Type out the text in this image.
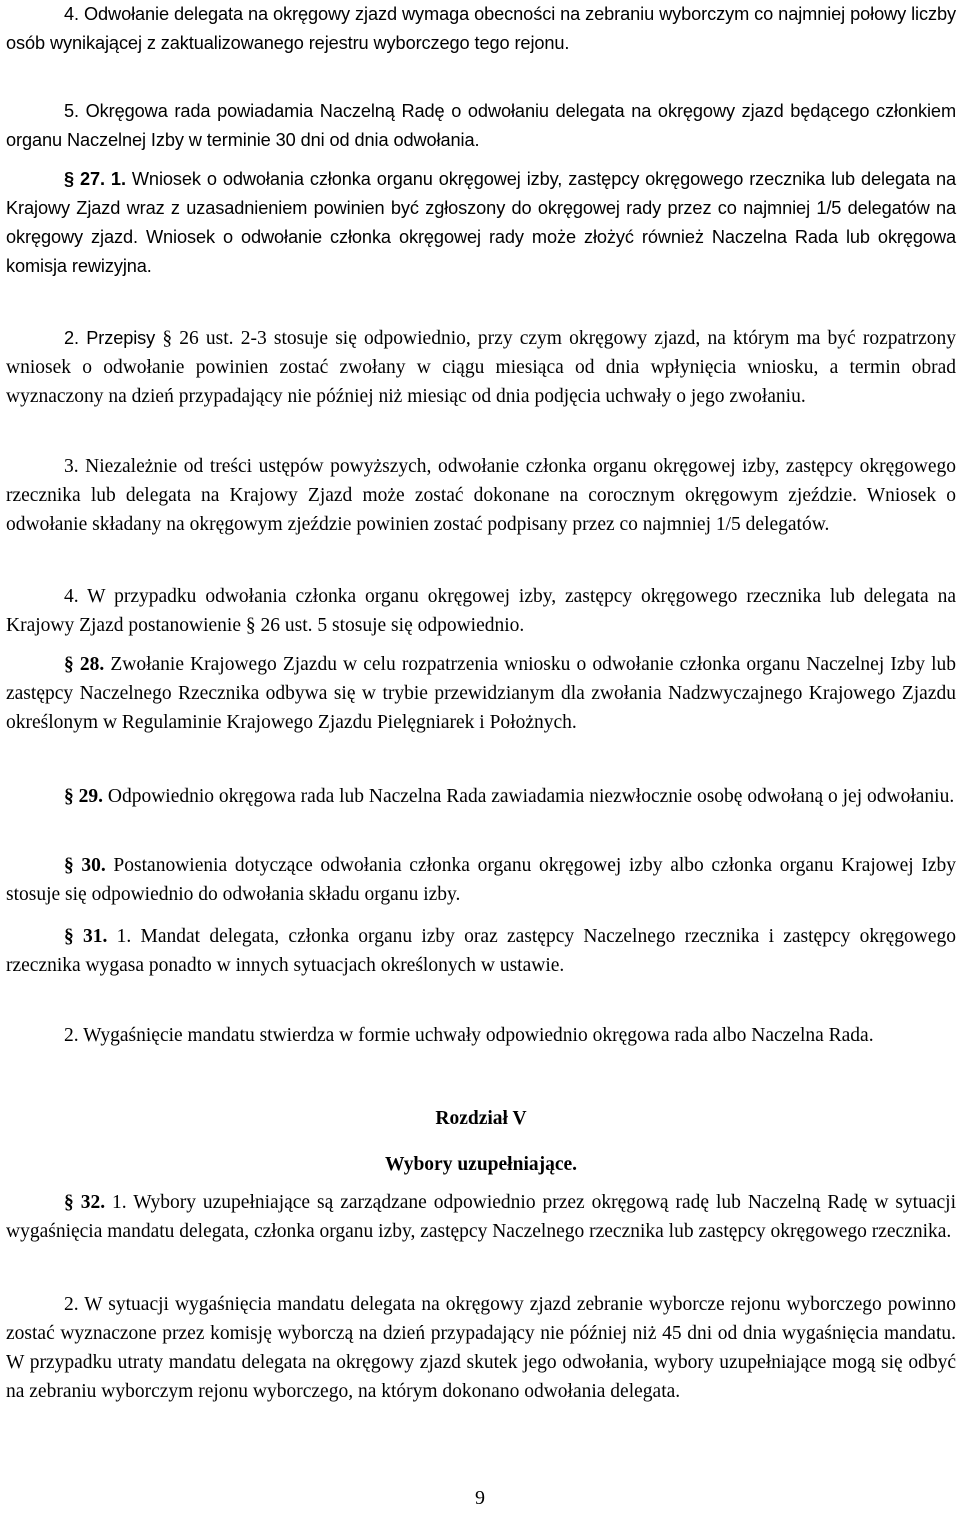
4. Odwołanie delegata na okręgowy zjazd wymaga obecności na zebraniu wyborczym co najmniej połowy liczby osób wynikającej z zaktualizowanego rejestru wyborczego tego rejonu.

5. Okręgowa rada powiadamia Naczelną Radę o odwołaniu delegata na okręgowy zjazd będącego członkiem organu Naczelnej Izby w terminie 30 dni od dnia odwołania.

§ 27. 1. Wniosek o odwołania członka organu okręgowej izby, zastępcy okręgowego rzecznika lub delegata na Krajowy Zjazd wraz z uzasadnieniem powinien być zgłoszony do okręgowej rady przez co najmniej 1/5 delegatów na okręgowy zjazd. Wniosek o odwołanie członka okręgowej rady może złożyć również Naczelna Rada lub okręgowa komisja rewizyjna.

2. Przepisy § 26 ust. 2-3 stosuje się odpowiednio, przy czym okręgowy zjazd, na którym ma być rozpatrzony wniosek o odwołanie powinien zostać zwołany w ciągu miesiąca od dnia wpłynięcia wniosku, a termin obrad wyznaczony na dzień przypadający nie później niż miesiąc od dnia podjęcia uchwały o jego zwołaniu.

3. Niezależnie od treści ustępów powyższych, odwołanie członka organu okręgowej izby, zastępcy okręgowego rzecznika lub delegata na Krajowy Zjazd może zostać dokonane na corocznym okręgowym zjeździe. Wniosek o odwołanie składany na okręgowym zjeździe powinien zostać podpisany przez co najmniej 1/5 delegatów.

4. W przypadku odwołania członka organu okręgowej izby, zastępcy okręgowego rzecznika lub delegata na Krajowy Zjazd postanowienie § 26 ust. 5 stosuje się odpowiednio.

§ 28. Zwołanie Krajowego Zjazdu w celu rozpatrzenia wniosku o odwołanie członka organu Naczelnej Izby lub zastępcy Naczelnego Rzecznika odbywa się w trybie przewidzianym dla zwołania Nadzwyczajnego Krajowego Zjazdu określonym w Regulaminie Krajowego Zjazdu Pielęgniarek i Położnych.

§ 29. Odpowiednio okręgowa rada lub Naczelna Rada zawiadamia niezwłocznie osobę odwołaną o jej odwołaniu.

§ 30. Postanowienia dotyczące odwołania członka organu okręgowej izby albo członka organu Krajowej Izby stosuje się odpowiednio do odwołania składu organu izby.

§ 31. 1. Mandat delegata, członka organu izby oraz zastępcy Naczelnego rzecznika i zastępcy okręgowego rzecznika wygasa ponadto w innych sytuacjach określonych w ustawie.

2. Wygaśnięcie mandatu stwierdza w formie uchwały odpowiednio okręgowa rada albo Naczelna Rada.

Rozdział V

Wybory uzupełniające.

§ 32. 1. Wybory uzupełniające są zarządzane odpowiednio przez okręgową radę lub Naczelną Radę w sytuacji wygaśnięcia mandatu delegata, członka organu izby, zastępcy Naczelnego rzecznika lub zastępcy okręgowego rzecznika.

2. W sytuacji wygaśnięcia mandatu delegata na okręgowy zjazd zebranie wyborcze rejonu wyborczego powinno zostać wyznaczone przez komisję wyborczą na dzień przypadający nie później niż 45 dni od dnia wygaśnięcia mandatu. W przypadku utraty mandatu delegata na okręgowy zjazd skutek jego odwołania, wybory uzupełniające mogą się odbyć na zebraniu wyborczym rejonu wyborczego, na którym dokonano odwołania delegata.

9
